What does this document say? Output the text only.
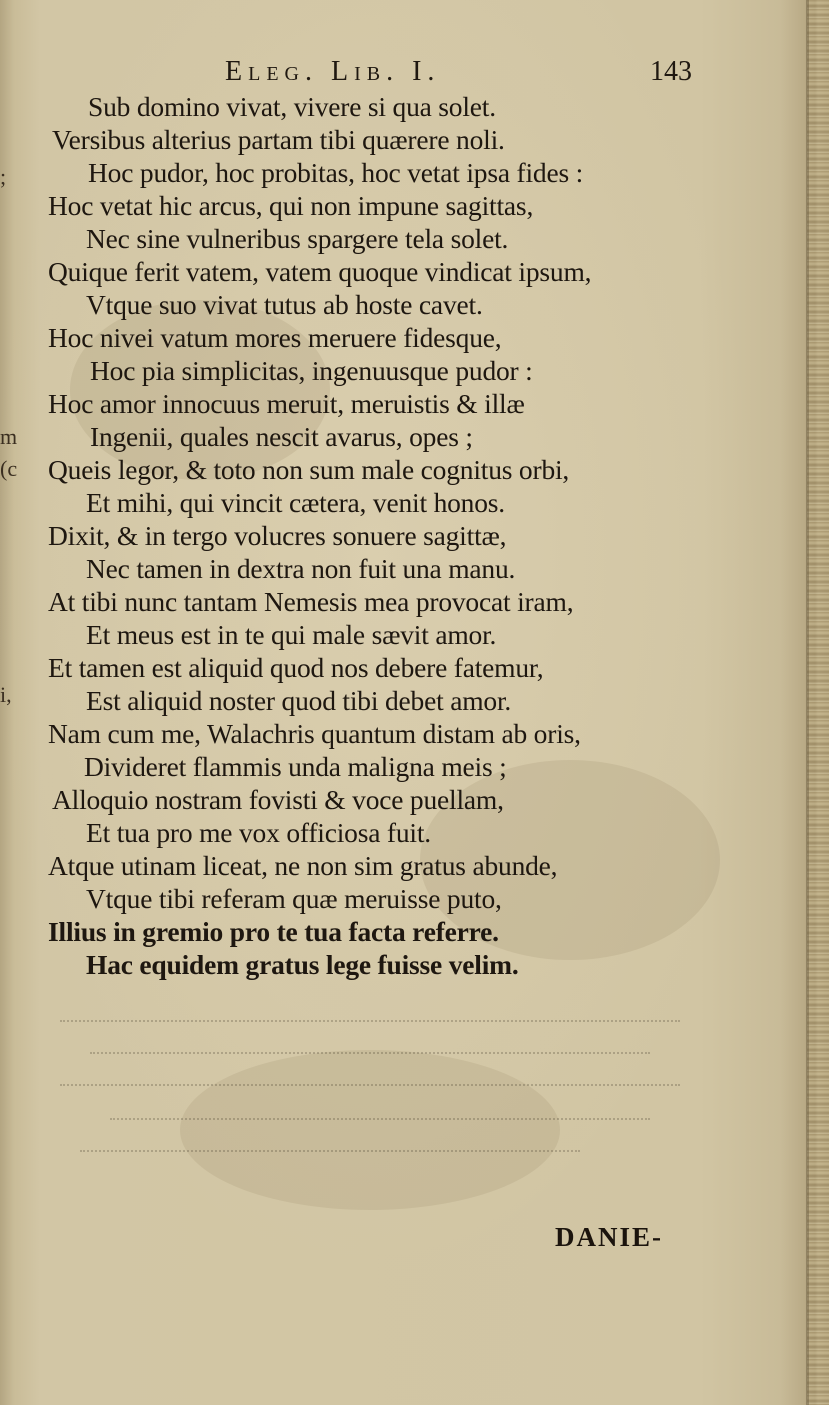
Eleg. Lib. I.	143
;
m
(c
i,
Sub domino vivat, vivere si qua solet.
Versibus alterius partam tibi quærere noli.
Hoc pudor, hoc probitas, hoc vetat ipsa fides :
Hoc vetat hic arcus, qui non impune sagittas,
Nec sine vulneribus spargere tela solet.
Quique ferit vatem, vatem quoque vindicat ipsum,
Vtque suo vivat tutus ab hoste cavet.
Hoc nivei vatum mores meruere fidesque,
Hoc pia simplicitas, ingenuusque pudor :
Hoc amor innocuus meruit, meruistis & illæ
Ingenii, quales nescit avarus, opes ;
Queis legor, & toto non sum male cognitus orbi,
Et mihi, qui vincit cætera, venit honos.
Dixit, & in tergo volucres sonuere sagittæ,
Nec tamen in dextra non fuit una manu.
At tibi nunc tantam Nemesis mea provocat iram,
Et meus est in te qui male sævit amor.
Et tamen est aliquid quod nos debere fatemur,
Est aliquid noster quod tibi debet amor.
Nam cum me, Walachris quantum distam ab oris,
Divideret flammis unda maligna meis ;
Alloquio nostram fovisti & voce puellam,
Et tua pro me vox officiosa fuit.
Atque utinam liceat, ne non sim gratus abunde,
Vtque tibi referam quæ meruisse puto,
Illius in gremio pro te tua facta referre.
Hac equidem gratus lege fuisse velim.
DANIE-
